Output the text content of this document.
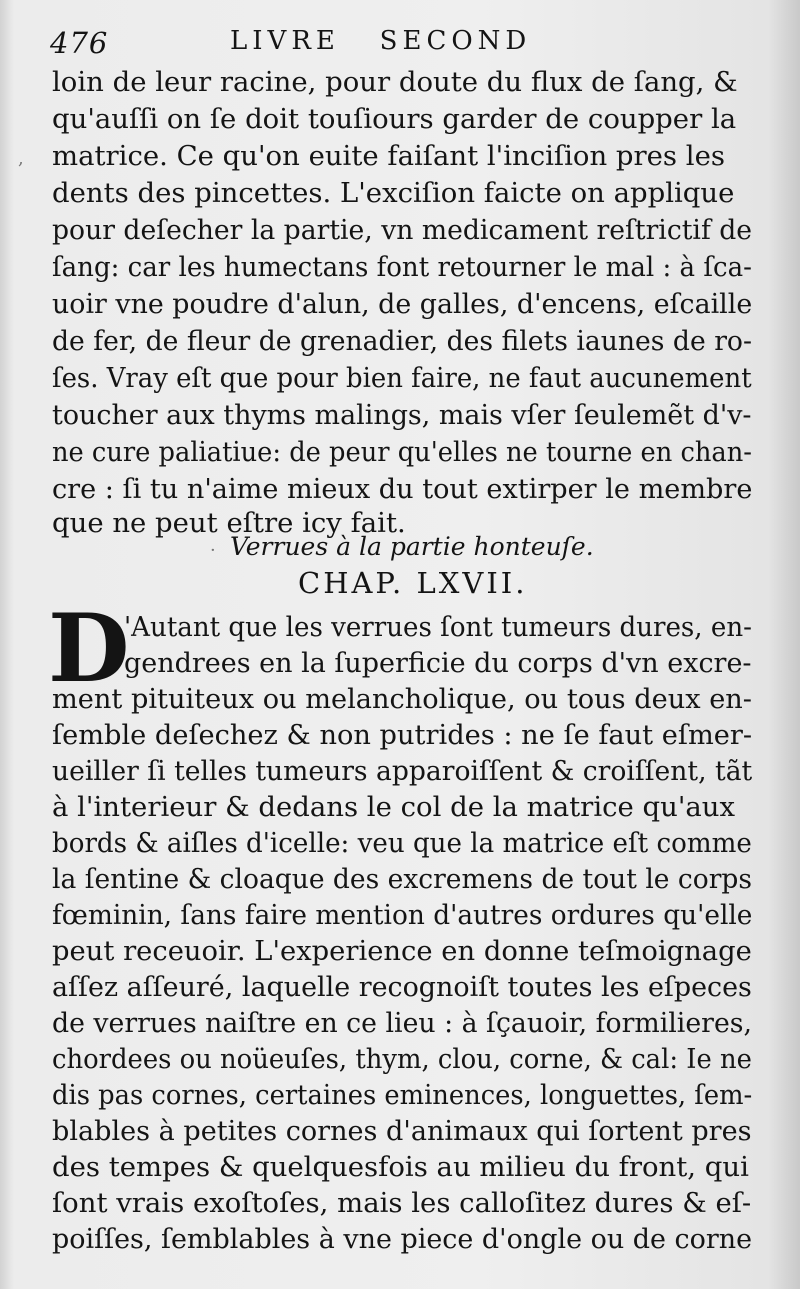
476	LIVRE   SECOND
loin de leur racine, pour doute du flux de ſang, &
qu'auſſi on ſe doit touſiours garder de coupper la
matrice. Ce qu'on euite faiſant l'inciſion pres les
dents des pincettes. L'exciſion faicte on applique
pour deſecher la partie, vn medicament reſtrictif de
ſang: car les humectans font retourner le mal : à ſca-
uoir vne poudre d'alun, de galles, d'encens, eſcaille
de fer, de fleur de grenadier, des filets iaunes de ro-
ſes. Vray eſt que pour bien faire, ne faut aucunement
toucher aux thyms malings, mais vſer ſeulemẽt d'v-
ne cure paliatiue: de peur qu'elles ne tourne en chan-
cre : ſi tu n'aime mieux du tout extirper le membre
que ne peut eſtre icy fait.
Verrues à la partie honteuſe.
CHAP. LXVII.
D
'Autant que les verrues ſont tumeurs dures, en-
gendrees en la ſuperficie du corps d'vn excre-
ment pituiteux ou melancholique, ou tous deux en-
ſemble deſechez & non putrides : ne ſe faut eſmer-
ueiller ſi telles tumeurs apparoiſſent & croiſſent, tãt
à l'interieur & dedans le col de la matrice qu'aux
bords & aiſles d'icelle: veu que la matrice eſt comme
la ſentine & cloaque des excremens de tout le corps
fœminin, ſans faire mention d'autres ordures qu'elle
peut receuoir. L'experience en donne teſmoignage
aſſez aſſeuré, laquelle recognoiſt toutes les eſpeces
de verrues naiſtre en ce lieu : à ſçauoir, formilieres,
chordees ou noüeuſes, thym, clou, corne, & cal: Ie ne
dis pas cornes, certaines eminences, longuettes, ſem-
blables à petites cornes d'animaux qui ſortent pres
des tempes & quelquesfois au milieu du front, qui
ſont vrais exoſtoſes, mais les calloſitez dures & eſ-
poiſſes, ſemblables à vne piece d'ongle ou de corne
,
·
